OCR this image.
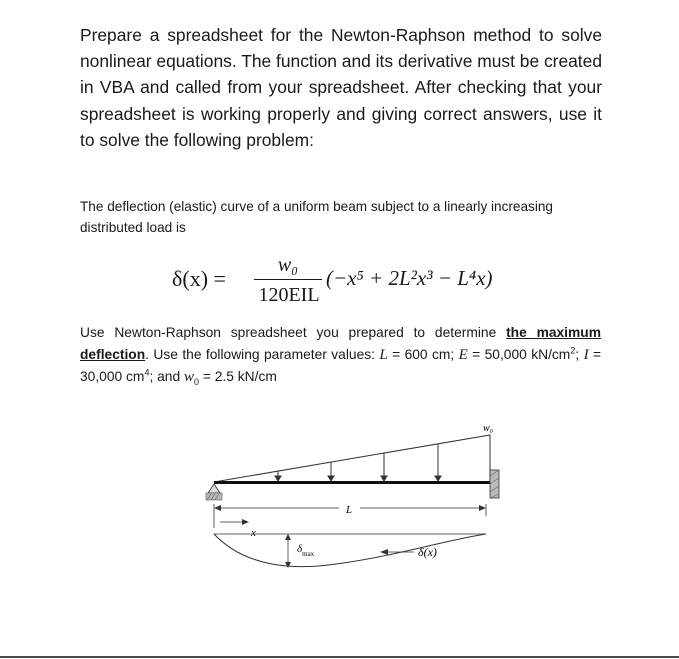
Prepare a spreadsheet for the Newton-Raphson method to solve nonlinear equations. The function and its derivative must be created in VBA and called from your spreadsheet. After checking that your spreadsheet is working properly and giving correct answers, use it to solve the following problem:

The deflection (elastic) curve of a uniform beam subject to a linearly increasing
distributed load is

δ(x) =
w₀
120EIL
(−x⁵ + 2L²x³ − L⁴x)

Use Newton-Raphson spreadsheet you prepared to determine the maximum deflection. Use the following parameter values: L = 600 cm; E = 50,000 $kN/cm^2$; I = 30,000 $cm^4$; and $w_0 = 2.5$ kN/cm

L
x
w₀
$\delta_{max}$	δ(x)
